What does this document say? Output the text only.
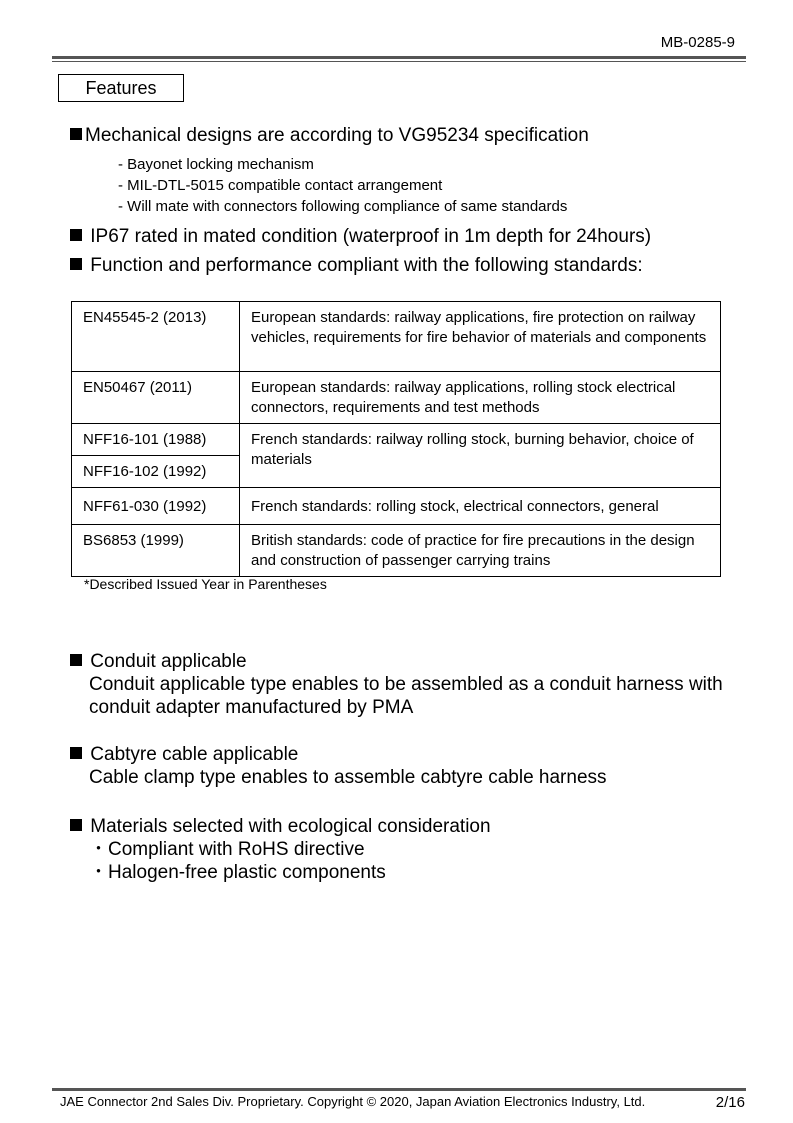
MB-0285-9
Features
Mechanical designs are according to VG95234 specification
- Bayonet locking mechanism
- MIL-DTL-5015 compatible contact arrangement
- Will mate with connectors following compliance of same standards
IP67 rated in mated condition (waterproof in 1m depth for 24hours)
Function and performance compliant with the following standards:
EN45545-2 (2013)	European standards: railway applications, fire protection on railway vehicles, requirements for fire behavior of materials and components
EN50467 (2011)	European standards: railway applications, rolling stock electrical connectors, requirements and test methods
NFF16-101 (1988)	French standards: railway rolling stock, burning behavior, choice of materials
NFF16-102 (1992)	
NFF61-030 (1992)	French standards: rolling stock, electrical connectors, general
BS6853 (1999)	British standards: code of practice for fire precautions in the design and construction of passenger carrying trains
*Described Issued Year in Parentheses
Conduit applicable
Conduit applicable type enables to be assembled as a conduit harness with conduit adapter manufactured by PMA
Cabtyre cable applicable
Cable clamp type enables to assemble cabtyre cable harness
Materials selected with ecological consideration
・Compliant with RoHS directive
・Halogen-free plastic components
JAE Connector 2nd Sales Div. Proprietary. Copyright © 2020, Japan Aviation Electronics Industry, Ltd.	2/16
